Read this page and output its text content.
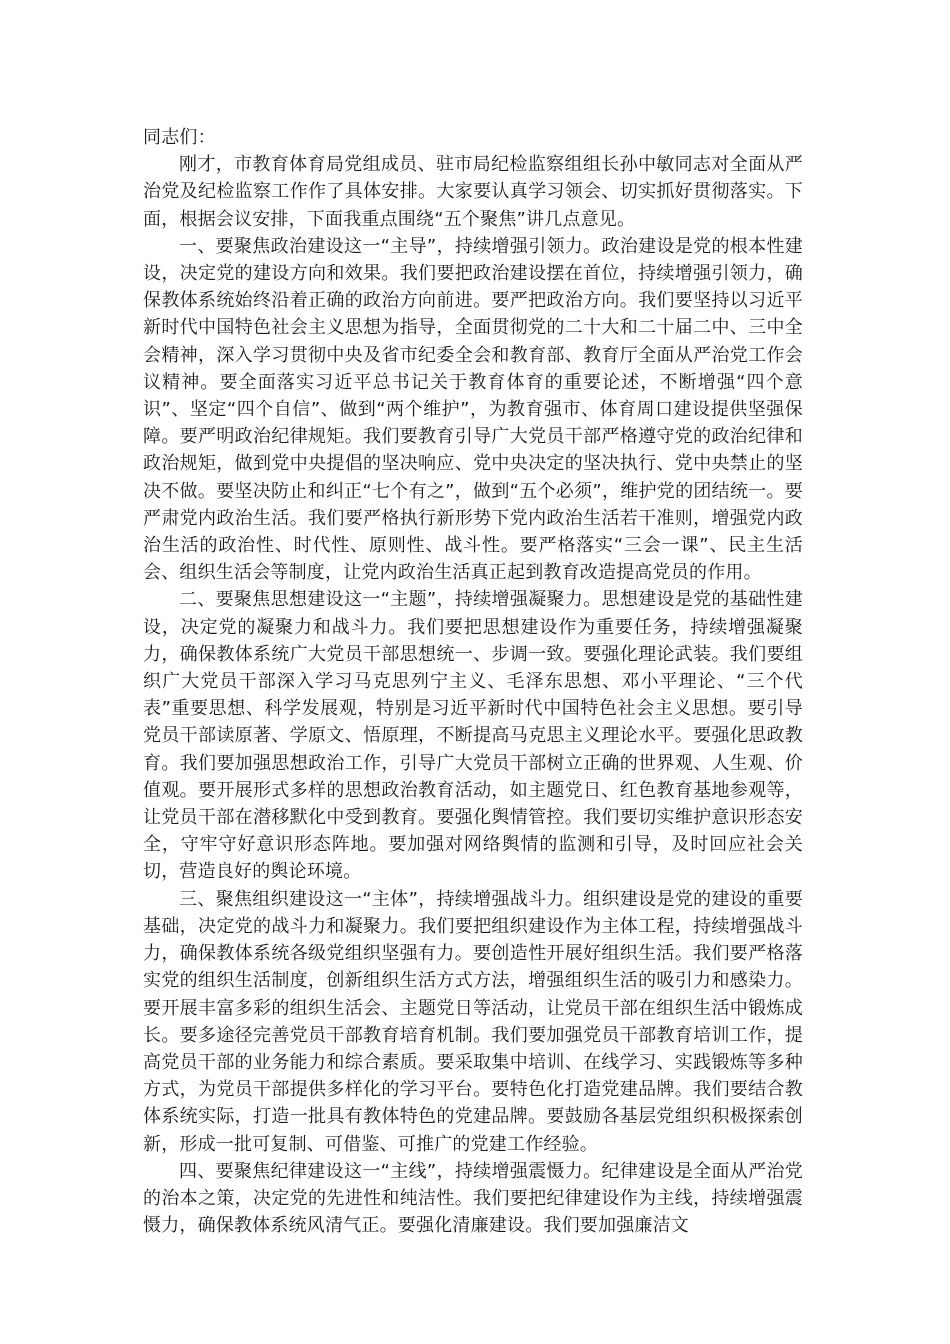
同志们：

刚才，市教育体育局党组成员、驻市局纪检监察组组长孙中敏同志对全面从严治党及纪检监察工作作了具体安排。大家要认真学习领会、切实抓好贯彻落实。下面，根据会议安排，下面我重点围绕“五个聚焦”讲几点意见。

一、要聚焦政治建设这一“主导”，持续增强引领力。政治建设是党的根本性建设，决定党的建设方向和效果。我们要把政治建设摆在首位，持续增强引领力，确保教体系统始终沿着正确的政治方向前进。要严把政治方向。我们要坚持以习近平新时代中国特色社会主义思想为指导，全面贯彻党的二十大和二十届二中、三中全会精神，深入学习贯彻中央及省市纪委全会和教育部、教育厅全面从严治党工作会议精神。要全面落实习近平总书记关于教育体育的重要论述，不断增强“四个意识”、坚定“四个自信”、做到“两个维护”，为教育强市、体育周口建设提供坚强保障。要严明政治纪律规矩。我们要教育引导广大党员干部严格遵守党的政治纪律和政治规矩，做到党中央提倡的坚决响应、党中央决定的坚决执行、党中央禁止的坚决不做。要坚决防止和纠正“七个有之”，做到“五个必须”，维护党的团结统一。要严肃党内政治生活。我们要严格执行新形势下党内政治生活若干准则，增强党内政治生活的政治性、时代性、原则性、战斗性。要严格落实“三会一课”、民主生活会、组织生活会等制度，让党内政治生活真正起到教育改造提高党员的作用。

二、要聚焦思想建设这一“主题”，持续增强凝聚力。思想建设是党的基础性建设，决定党的凝聚力和战斗力。我们要把思想建设作为重要任务，持续增强凝聚力，确保教体系统广大党员干部思想统一、步调一致。要强化理论武装。我们要组织广大党员干部深入学习马克思列宁主义、毛泽东思想、邓小平理论、“三个代表”重要思想、科学发展观，特别是习近平新时代中国特色社会主义思想。要引导党员干部读原著、学原文、悟原理，不断提高马克思主义理论水平。要强化思政教育。我们要加强思想政治工作，引导广大党员干部树立正确的世界观、人生观、价值观。要开展形式多样的思想政治教育活动，如主题党日、红色教育基地参观等，让党员干部在潜移默化中受到教育。要强化舆情管控。我们要切实维护意识形态安全，守牢守好意识形态阵地。要加强对网络舆情的监测和引导，及时回应社会关切，营造良好的舆论环境。

三、聚焦组织建设这一“主体”，持续增强战斗力。组织建设是党的建设的重要基础，决定党的战斗力和凝聚力。我们要把组织建设作为主体工程，持续增强战斗力，确保教体系统各级党组织坚强有力。要创造性开展好组织生活。我们要严格落实党的组织生活制度，创新组织生活方式方法，增强组织生活的吸引力和感染力。要开展丰富多彩的组织生活会、主题党日等活动，让党员干部在组织生活中锻炼成长。要多途径完善党员干部教育培育机制。我们要加强党员干部教育培训工作，提高党员干部的业务能力和综合素质。要采取集中培训、在线学习、实践锻炼等多种方式，为党员干部提供多样化的学习平台。要特色化打造党建品牌。我们要结合教体系统实际，打造一批具有教体特色的党建品牌。要鼓励各基层党组织积极探索创新，形成一批可复制、可借鉴、可推广的党建工作经验。

四、要聚焦纪律建设这一“主线”，持续增强震慑力。纪律建设是全面从严治党的治本之策，决定党的先进性和纯洁性。我们要把纪律建设作为主线，持续增强震慑力，确保教体系统风清气正。要强化清廉建设。我们要加强廉洁文
